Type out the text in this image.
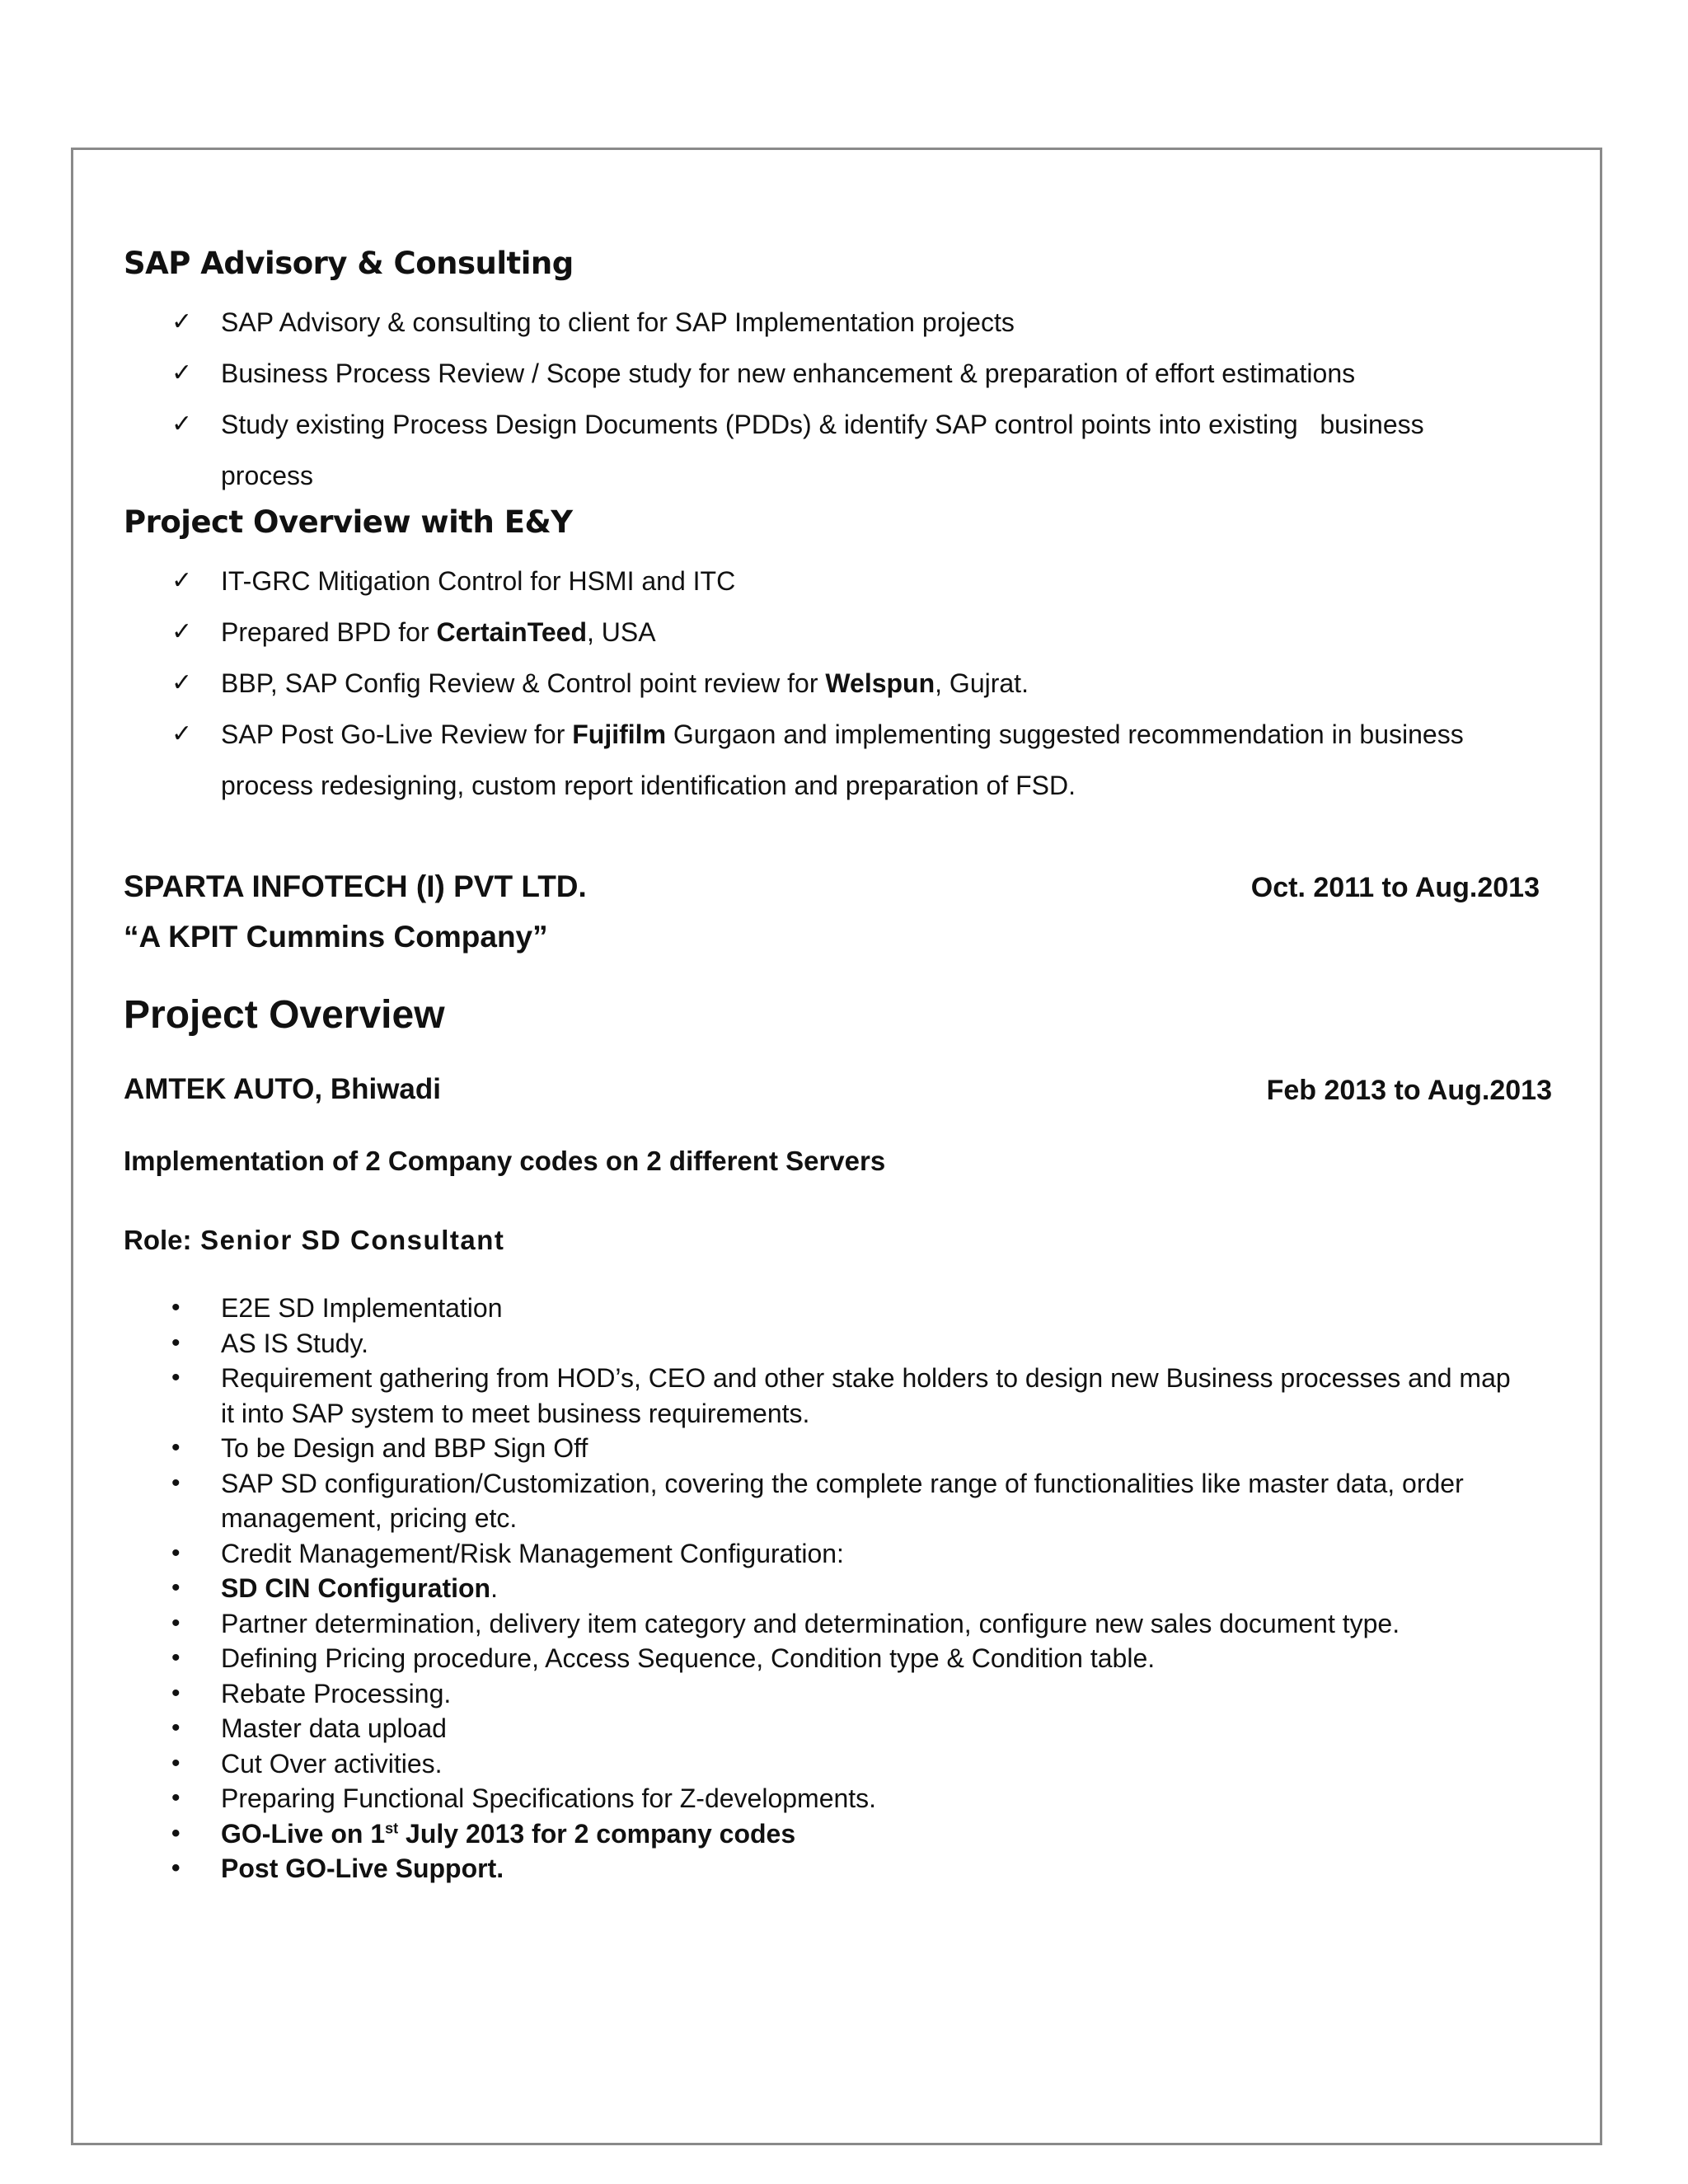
SAP Advisory & Consulting
✓ SAP Advisory & consulting to client for SAP Implementation projects
✓ Business Process Review / Scope study for new enhancement & preparation of effort estimations
✓ Study existing Process Design Documents (PDDs) & identify SAP control points into existing   business
process
Project Overview with E&Y
✓ IT-GRC Mitigation Control for HSMI and ITC
✓ Prepared BPD for CertainTeed, USA
✓ BBP, SAP Config Review & Control point review for Welspun, Gujrat.
✓ SAP Post Go-Live Review for Fujifilm Gurgaon and implementing suggested recommendation in business process redesigning, custom report identification and preparation of FSD.
SPARTA INFOTECH (I) PVT LTD.	Oct. 2011 to Aug.2013
“A KPIT Cummins Company”
Project Overview
AMTEK AUTO, Bhiwadi	Feb 2013 to Aug.2013
Implementation of 2 Company codes on 2 different Servers
Role: Senior SD Consultant
• E2E SD Implementation
• AS IS Study.
• Requirement gathering from HOD’s, CEO and other stake holders to design new Business processes and map it into SAP system to meet business requirements.
• To be Design and BBP Sign Off
• SAP SD configuration/Customization, covering the complete range of functionalities like master data, order management, pricing etc.
• Credit Management/Risk Management Configuration:
• SD CIN Configuration.
• Partner determination, delivery item category and determination, configure new sales document type.
• Defining Pricing procedure, Access Sequence, Condition type & Condition table.
• Rebate Processing.
• Master data upload
• Cut Over activities.
• Preparing Functional Specifications for Z-developments.
• GO-Live on 1st July 2013 for 2 company codes
• Post GO-Live Support.
